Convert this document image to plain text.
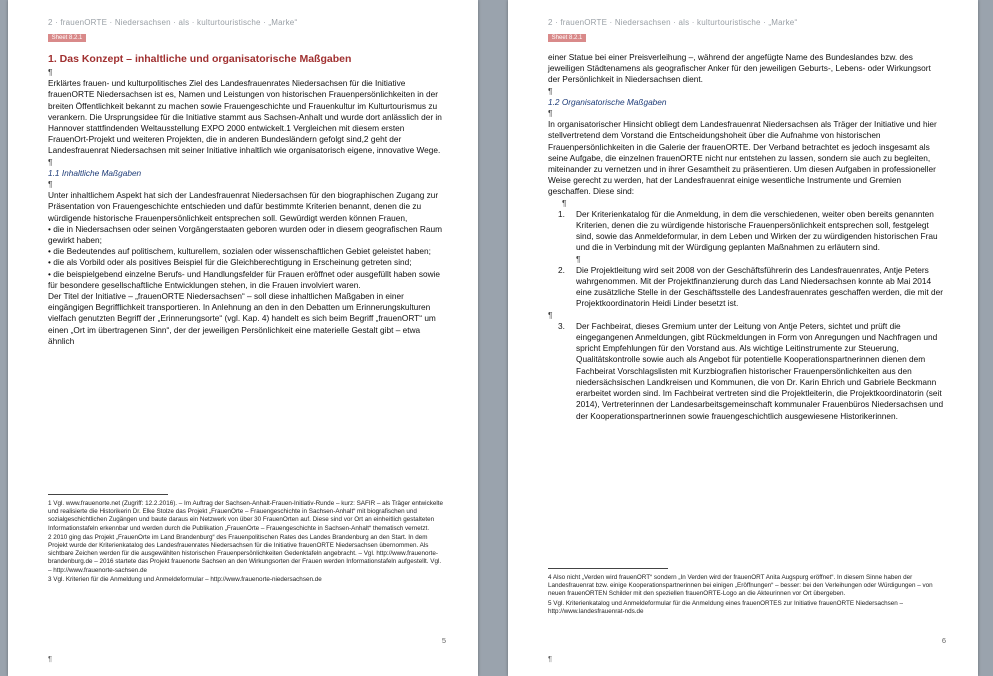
2 · frauenORTE · Niedersachsen · als · kulturtouristische · „Marke“
Sheet 8.2.1

1. Das Konzept – inhaltliche und organisatorische Maßgaben

¶

Erklärtes frauen- und kulturpolitisches Ziel des Landesfrauenrates Niedersachsen für die Initiative frauenORTE Niedersachsen ist es, Namen und Leistungen von historischen Frauenpersönlichkeiten in der breiten Öffentlichkeit bekannt zu machen sowie Frauengeschichte und Frauenkultur im Kulturtourismus zu verankern. Die Ursprungsidee für die Initiative stammt aus Sachsen-Anhalt und wurde dort anlässlich der in Hannover stattfindenden Weltausstellung EXPO 2000 entwickelt.1 Vergleichen mit diesem ersten FrauenOrt-Projekt und weiteren Projekten, die in anderen Bundesländern gefolgt sind,2 geht der Landesfrauenrat Niedersachsen mit seiner Initiative inhaltlich wie organisatorisch eigene, innovative Wege.

¶

1.1 Inhaltliche Maßgaben

¶

Unter inhaltlichem Aspekt hat sich der Landesfrauenrat Niedersachsen für den biographischen Zugang zur Präsentation von Frauengeschichte entschieden und dafür bestimmte Kriterien benannt, denen die zu würdigende historische Frauenpersönlichkeit entsprechen soll. Gewürdigt werden können Frauen,

• die in Niedersachsen oder seinen Vorgängerstaaten geboren wurden oder in diesem geografischen Raum gewirkt haben;

• die Bedeutendes auf politischem, kulturellem, sozialen oder wissenschaftlichen Gebiet geleistet haben;

• die als Vorbild oder als positives Beispiel für die Gleichberechtigung in Erscheinung getreten sind;

• die beispielgebend einzelne Berufs- und Handlungsfelder für Frauen eröffnet oder ausgefüllt haben sowie für besondere gesellschaftliche Entwicklungen stehen, in die Frauen involviert waren.

Der Titel der Initiative – „frauenORTE Niedersachsen“ – soll diese inhaltlichen Maßgaben in einer eingängigen Begrifflichkeit transportieren. In Anlehnung an den in den Debatten um Erinnerungskulturen vielfach genutzten Begriff der „Erinnerungsorte“ (vgl. Kap. 4) handelt es sich beim Begriff „frauenORT“ um einen „Ort im übertragenen Sinn“, der der jeweiligen Persönlichkeit eine materielle Gestalt gibt – etwa ähnlich

1 Vgl. www.frauenorte.net (Zugriff: 12.2.2016). – Im Auftrag der Sachsen-Anhalt-Frauen-Initiativ-Runde – kurz: SAFIR – als Träger entwickelte und realisierte die Historikerin Dr. Elke Stolze das Projekt „FrauenOrte – Frauengeschichte in Sachsen-Anhalt“ mit biografischen und sozialgeschichtlichen Zugängen und baute daraus ein Netzwerk von über 30 FrauenOrten auf. Diese sind vor Ort an einheitlich gestalteten Informationstafeln erkennbar und werden durch die Publikation „FrauenOrte – Frauengeschichte in Sachsen-Anhalt“ thematisch vernetzt.

2 2010 ging das Projekt „FrauenOrte im Land Brandenburg“ des Frauenpolitischen Rates des Landes Brandenburg an den Start. In dem Projekt wurde der Kriterienkatalog des Landesfrauenrates Niedersachsen für die Initiative frauenORTE Niedersachsen übernommen. Als sichtbare Zeichen werden für die ausgewählten historischen Frauenpersönlichkeiten Gedenktafeln angebracht. – Vgl. http://www.frauenorte-brandenburg.de – 2016 startete das Projekt frauenorte Sachsen an den Wirkungsorten der Frauen werden Informationstafeln aufgestellt. Vgl. – http://www.frauenorte-sachsen.de

3 Vgl. Kriterien für die Anmeldung und Anmeldeformular – http://www.frauenorte-niedersachsen.de

5
¶
2 · frauenORTE · Niedersachsen · als · kulturtouristische · „Marke“
Sheet 8.2.1

einer Statue bei einer Preisverleihung –, während der angefügte Name des Bundeslandes bzw. des jeweiligen Städtenamens als geografischer Anker für den jeweiligen Geburts-, Lebens- oder Wirkungsort der Persönlichkeit in Niedersachsen dient.

¶

1.2 Organisatorische Maßgaben

¶

In organisatorischer Hinsicht obliegt dem Landesfrauenrat Niedersachsen als Träger der Initiative und hier stellvertretend dem Vorstand die Entscheidungshoheit über die Aufnahme von historischen Frauenpersönlichkeiten in die Galerie der frauenORTE. Der Verband betrachtet es jedoch insgesamt als seine Aufgabe, die einzelnen frauenORTE nicht nur entstehen zu lassen, sondern sie auch zu begleiten, miteinander zu vernetzen und in ihrer Gesamtheit zu präsentieren. Um diesen Aufgaben in professioneller Weise gerecht zu werden, hat der Landesfrauenrat einige wesentliche Instrumente und Gremien geschaffen. Diese sind:

¶

1. Der Kriterienkatalog für die Anmeldung, in dem die verschiedenen, weiter oben bereits genannten Kriterien, denen die zu würdigende historische Frauenpersönlichkeit entsprechen soll, festgelegt sind, sowie das Anmeldeformular, in dem Leben und Wirken der zu würdigenden historischen Frau und die in Verbindung mit der Würdigung geplanten Maßnahmen zu erläutern sind.

¶

2. Die Projektleitung wird seit 2008 von der Geschäftsführerin des Landesfrauenrates, Antje Peters wahrgenommen. Mit der Projektfinanzierung durch das Land Niedersachsen konnte ab Mai 2014 eine zusätzliche Stelle in der Geschäftsstelle des Landesfrauenrates geschaffen werden, die mit der Projektkoordinatorin Heidi Linder besetzt ist.

¶

3. Der Fachbeirat, dieses Gremium unter der Leitung von Antje Peters, sichtet und prüft die eingegangenen Anmeldungen, gibt Rückmeldungen in Form von Anregungen und Nachfragen und spricht Empfehlungen für den Vorstand aus. Als wichtige Leitinstrumente zur Steuerung, Qualitätskontrolle sowie auch als Angebot für potentielle Kooperationspartnerinnen dienen dem Fachbeirat Vorschlagslisten mit Kurzbiografien historischer Frauenpersönlichkeiten aus den niedersächsischen Landkreisen und Kommunen, die von Dr. Karin Ehrich und Gabriele Beckmann erarbeitet worden sind. Im Fachbeirat vertreten sind die Projektleiterin, die Projektkoordinatorin (seit 2014), Vertreterinnen der Landesarbeitsgemeinschaft kommunaler Frauenbüros Niedersachsen und der Kooperationspartnerinnen sowie frauengeschichtlich ausgewiesene Historikerinnen.

4 Also nicht „Verden wird frauenORT“ sondern „In Verden wird der frauenORT Anita Augspurg eröffnet“. In diesem Sinne haben der Landesfrauenrat bzw. einige Kooperationspartnerinnen bei einigen „Eröffnungen“ – besser: bei den Verleihungen oder Würdigungen – von neuen frauenORTEN Schilder mit den speziellen frauenORTE-Logo an die Akteurinnen vor Ort übergeben.

5 Vgl. Kriterienkatalog und Anmeldeformular für die Anmeldung eines frauenORTES zur Initiative frauenORTE Niedersachsen – http://www.landesfrauenrat-nds.de

6
¶
